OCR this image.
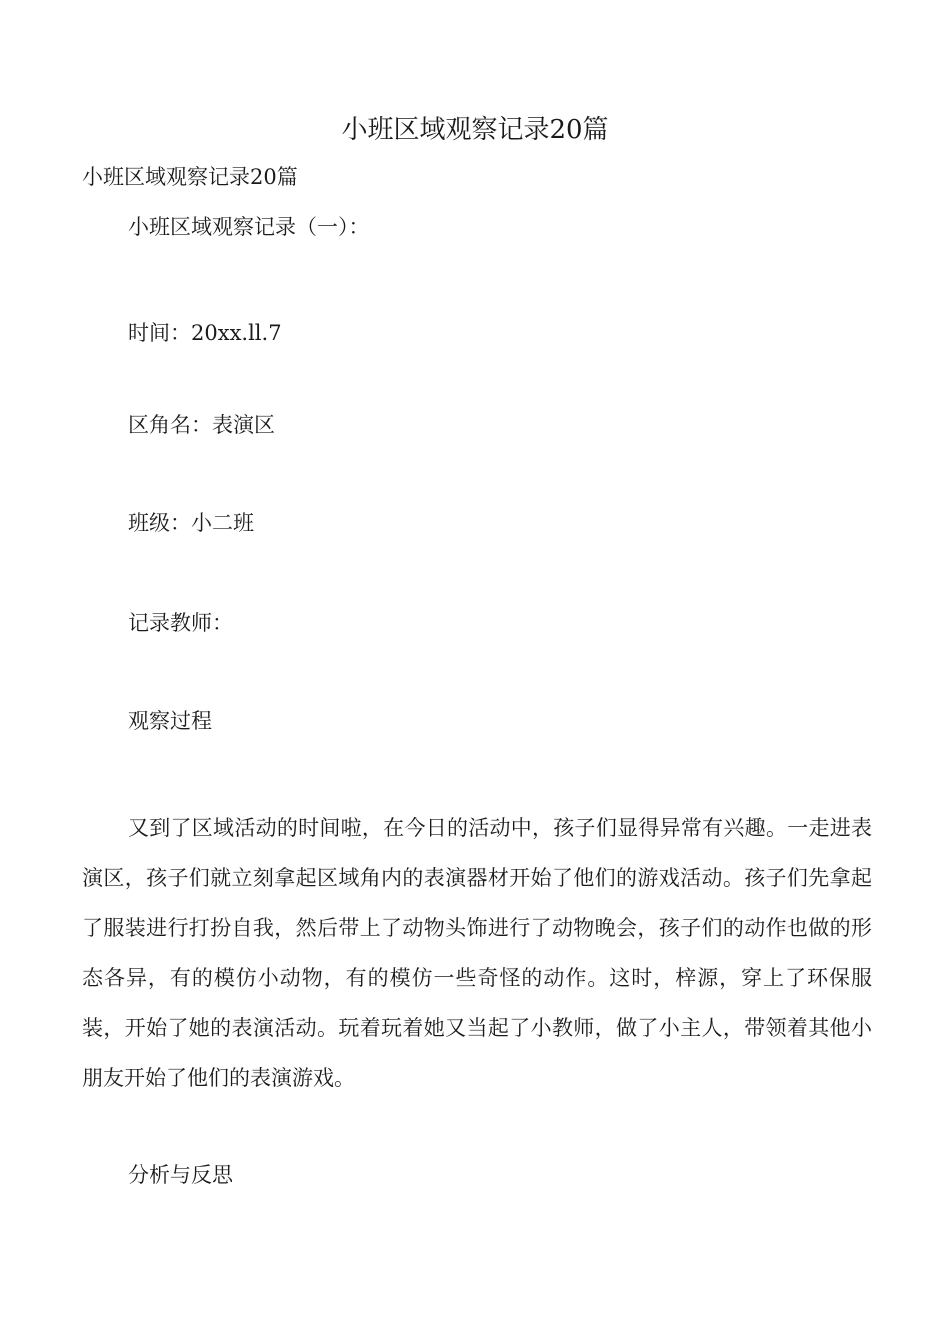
小班区域观察记录20篇
小班区域观察记录20篇
小班区域观察记录（一）：
时间：20xx.ll.7
区角名：表演区
班级：小二班
记录教师：
观察过程
又到了区域活动的时间啦，在今日的活动中，孩子们显得异常有兴趣。一走进表演区，孩子们就立刻拿起区域角内的表演器材开始了他们的游戏活动。孩子们先拿起了服装进行打扮自我，然后带上了动物头饰进行了动物晚会，孩子们的动作也做的形态各异，有的模仿小动物，有的模仿一些奇怪的动作。这时，梓源，穿上了环保服装，开始了她的表演活动。玩着玩着她又当起了小教师，做了小主人，带领着其他小朋友开始了他们的表演游戏。
分析与反思
